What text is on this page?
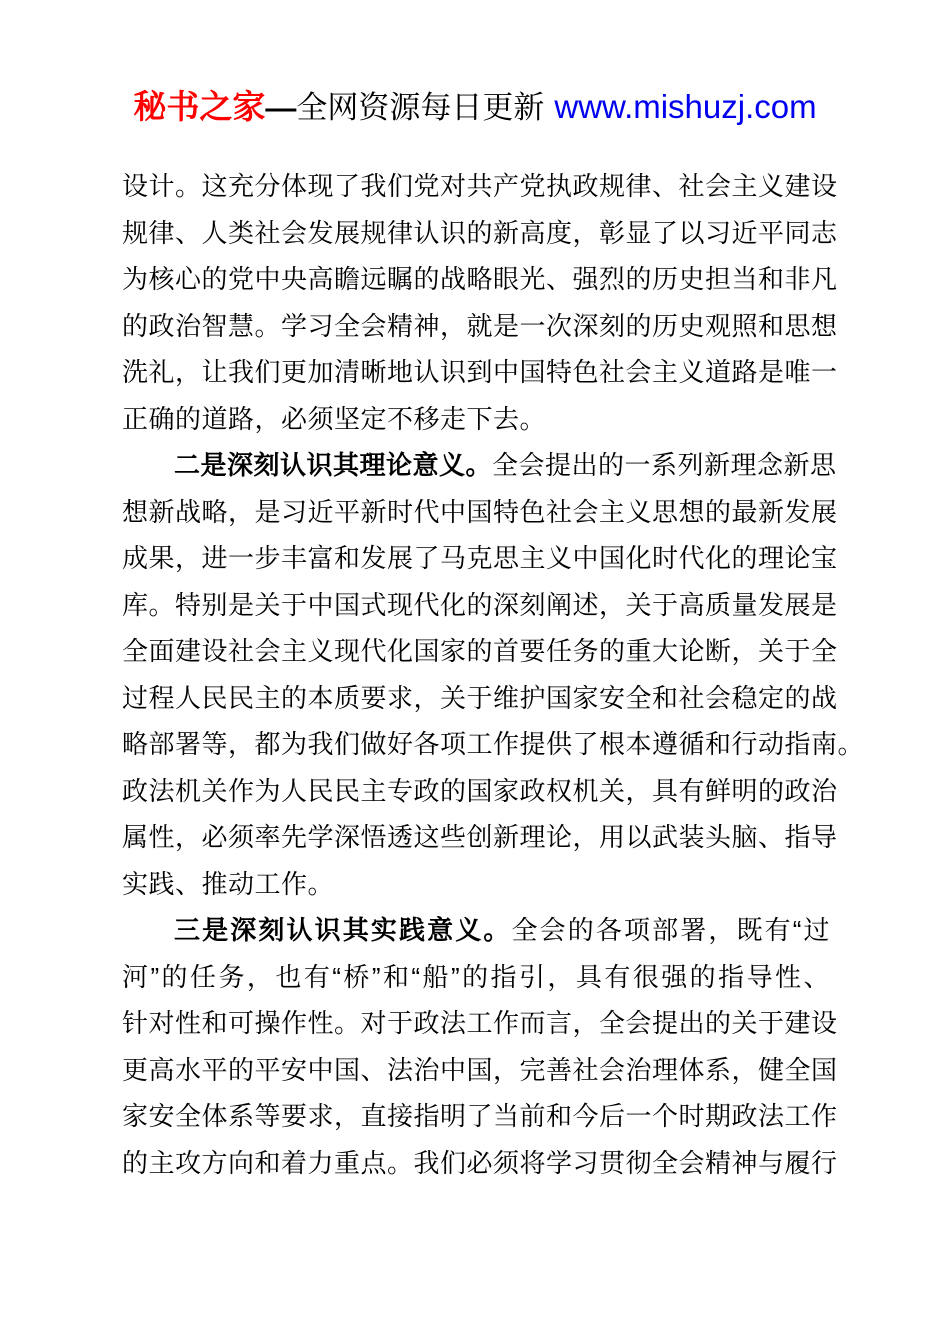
秘书之家—全网资源每日更新 www.mishuzj.com

设计。这充分体现了我们党对共产党执政规律、社会主义建设
规律、人类社会发展规律认识的新高度，彰显了以习近平同志
为核心的党中央高瞻远瞩的战略眼光、强烈的历史担当和非凡
的政治智慧。学习全会精神，就是一次深刻的历史观照和思想
洗礼，让我们更加清晰地认识到中国特色社会主义道路是唯一
正确的道路，必须坚定不移走下去。

二是深刻认识其理论意义。全会提出的一系列新理念新思
想新战略，是习近平新时代中国特色社会主义思想的最新发展
成果，进一步丰富和发展了马克思主义中国化时代化的理论宝
库。特别是关于中国式现代化的深刻阐述，关于高质量发展是
全面建设社会主义现代化国家的首要任务的重大论断，关于全
过程人民民主的本质要求，关于维护国家安全和社会稳定的战
略部署等，都为我们做好各项工作提供了根本遵循和行动指南。
政法机关作为人民民主专政的国家政权机关，具有鲜明的政治
属性，必须率先学深悟透这些创新理论，用以武装头脑、指导
实践、推动工作。

三是深刻认识其实践意义。全会的各项部署，既有“过
河”的任务，也有“桥”和“船”的指引，具有很强的指导性、
针对性和可操作性。对于政法工作而言，全会提出的关于建设
更高水平的平安中国、法治中国，完善社会治理体系，健全国
家安全体系等要求，直接指明了当前和今后一个时期政法工作
的主攻方向和着力重点。我们必须将学习贯彻全会精神与履行
